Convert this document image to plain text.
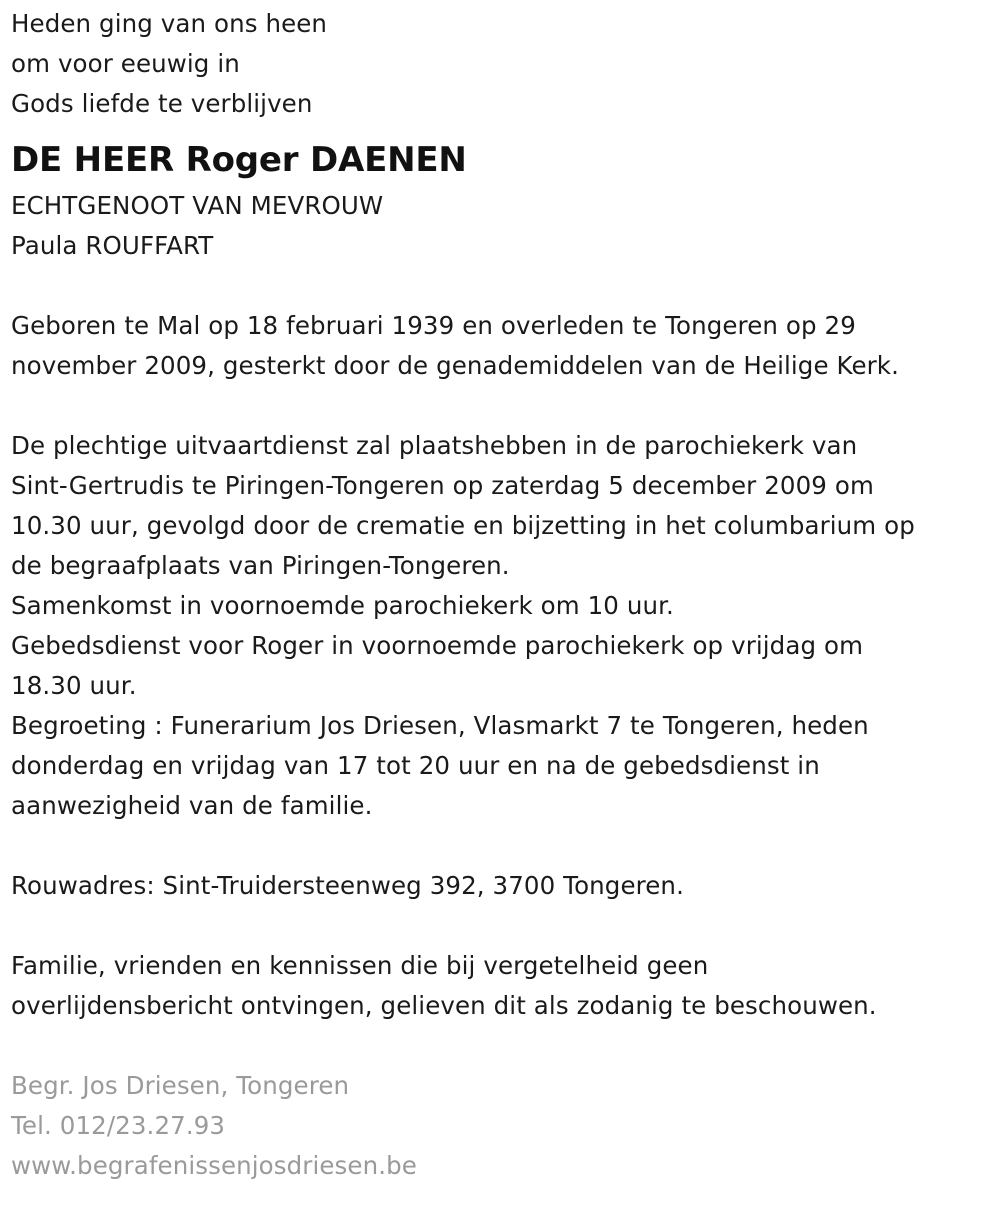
Heden ging van ons heen
om voor eeuwig in
Gods liefde te verblijven
DE HEER Roger DAENEN
ECHTGENOOT VAN MEVROUW
Paula ROUFFART
Geboren te Mal op 18 februari 1939 en overleden te Tongeren op 29
november 2009, gesterkt door de genademiddelen van de Heilige Kerk.
De plechtige uitvaartdienst zal plaatshebben in de parochiekerk van
Sint-Gertrudis te Piringen-Tongeren op zaterdag 5 december 2009 om
10.30 uur, gevolgd door de crematie en bijzetting in het columbarium op
de begraafplaats van Piringen-Tongeren.
Samenkomst in voornoemde parochiekerk om 10 uur.
Gebedsdienst voor Roger in voornoemde parochiekerk op vrijdag om
18.30 uur.
Begroeting : Funerarium Jos Driesen, Vlasmarkt 7 te Tongeren, heden
donderdag en vrijdag van 17 tot 20 uur en na de gebedsdienst in
aanwezigheid van de familie.
Rouwadres: Sint-Truidersteenweg 392, 3700 Tongeren.
Familie, vrienden en kennissen die bij vergetelheid geen
overlijdensbericht ontvingen, gelieven dit als zodanig te beschouwen.
Begr. Jos Driesen, Tongeren
Tel. 012/23.27.93
www.begrafenissenjosdriesen.be
